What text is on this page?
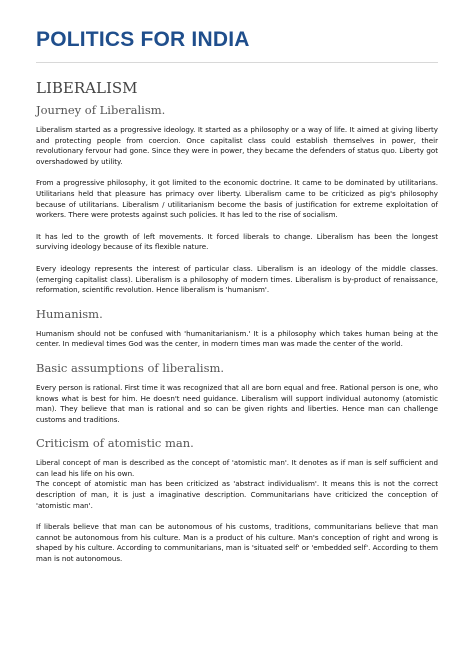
POLITICS FOR INDIA
LIBERALISM
Journey of Liberalism.

Liberalism started as a progressive ideology. It started as a philosophy or a way of life. It aimed at giving liberty and protecting people from coercion. Once capitalist class could establish themselves in power, their revolutionary fervour had gone. Since they were in power, they became the defenders of status quo. Liberty got overshadowed by utility.

From a progressive philosophy, it got limited to the economic doctrine. It came to be dominated by utilitarians. Utilitarians held that pleasure has primacy over liberty. Liberalism came to be criticized as pig's philosophy because of utilitarians. Liberalism / utilitarianism become the basis of justification for extreme exploitation of workers. There were protests against such policies. It has led to the rise of socialism.

It has led to the growth of left movements. It forced liberals to change. Liberalism has been the longest surviving ideology because of its flexible nature.

Every ideology represents the interest of particular class. Liberalism is an ideology of the middle classes. (emerging capitalist class). Liberalism is a philosophy of modern times. Liberalism is by-product of renaissance, reformation, scientific revolution. Hence liberalism is 'humanism'.

Humanism.

Humanism should not be confused with 'humanitarianism.' It is a philosophy which takes human being at the center. In medieval times God was the center, in modern times man was made the center of the world.

Basic assumptions of liberalism.

Every person is rational. First time it was recognized that all are born equal and free. Rational person is one, who knows what is best for him. He doesn't need guidance. Liberalism will support individual autonomy (atomistic man). They believe that man is rational and so can be given rights and liberties. Hence man can challenge customs and traditions.

Criticism of atomistic man.

Liberal concept of man is described as the concept of 'atomistic man'. It denotes as if man is self sufficient and can lead his life on his own.

The concept of atomistic man has been criticized as 'abstract individualism'. It means this is not the correct description of man, it is just a imaginative description. Communitarians have criticized the conception of 'atomistic man'.

If liberals believe that man can be autonomous of his customs, traditions, communitarians believe that man cannot be autonomous from his culture. Man is a product of his culture. Man's conception of right and wrong is shaped by his culture. According to communitarians, man is 'situated self' or 'embedded self'. According to them man is not autonomous.
